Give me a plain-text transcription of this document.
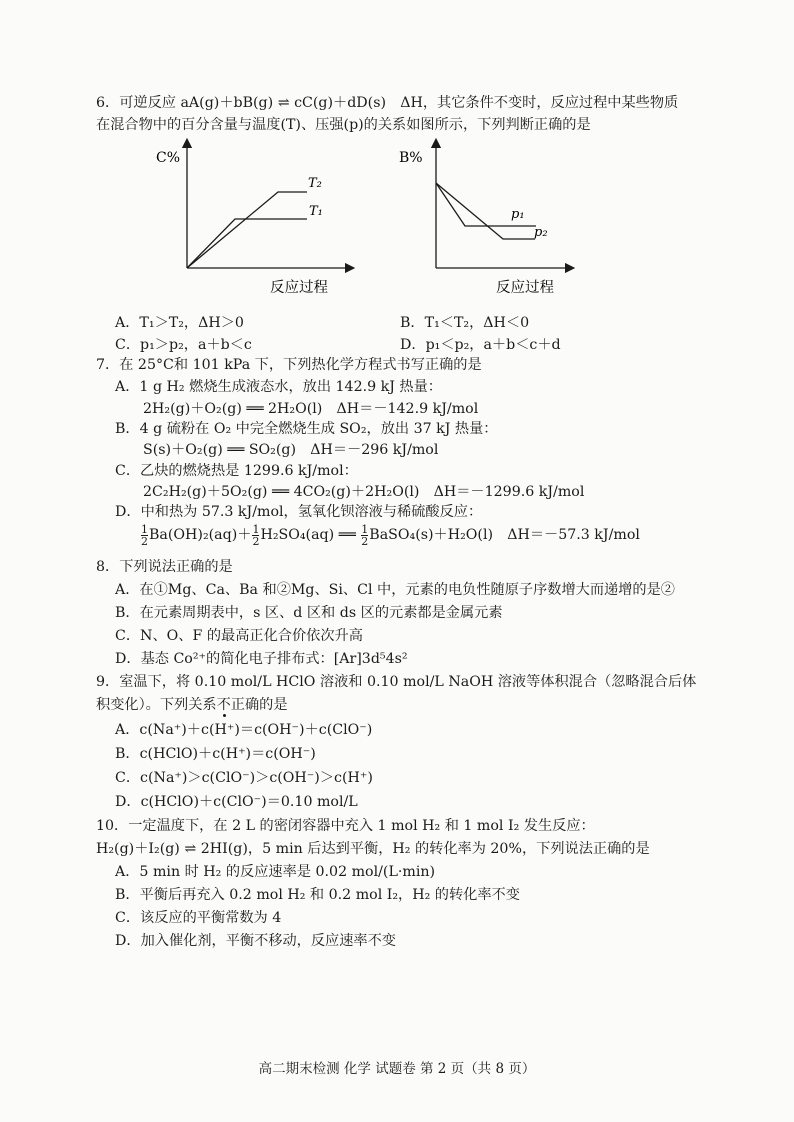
6．可逆反应 aA(g)＋bB(g) ⇌ cC(g)＋dD(s)　ΔH，其它条件不变时，反应过程中某些物质
在混合物中的百分含量与温度(T)、压强(p)的关系如图所示，下列判断正确的是
C%
T₂
T₁
反应过程
B%
p₁
p₂
反应过程
A．T₁＞T₂，ΔH＞0	B．T₁＜T₂，ΔH＜0
C．p₁＞p₂，a＋b＜c	D．p₁＜p₂，a＋b＜c＋d
7．在 25°C和 101 kPa 下，下列热化学方程式书写正确的是
A．1 g H₂ 燃烧生成液态水，放出 142.9 kJ 热量：
2H₂(g)＋O₂(g) ══ 2H₂O(l)　ΔH＝－142.9 kJ/mol
B．4 g 硫粉在 O₂ 中完全燃烧生成 SO₂，放出 37 kJ 热量：
S(s)＋O₂(g) ══ SO₂(g)　ΔH＝－296 kJ/mol
C．乙炔的燃烧热是 1299.6 kJ/mol：
2C₂H₂(g)＋5O₂(g) ══ 4CO₂(g)＋2H₂O(l)　ΔH＝－1299.6 kJ/mol
D．中和热为 57.3 kJ/mol，氢氧化钡溶液与稀硫酸反应：
$\frac{1}{2} Ba(OH)_2(aq)+ \frac{1}{2} H_2SO_4(aq)$ ══ $\frac{1}{2}$ BaSO₄(s)＋H₂O(l)　ΔH＝－57.3 kJ/mol
8．下列说法正确的是
A．在①Mg、Ca、Ba 和②Mg、Si、Cl 中，元素的电负性随原子序数增大而递增的是②
B．在元素周期表中，s 区、d 区和 ds 区的元素都是金属元素
C．N、O、F 的最高正化合价依次升高
D．基态 Co²⁺的简化电子排布式：[Ar]3d⁵4s²
9．室温下，将 0.10 mol/L HClO 溶液和 0.10 mol/L NaOH 溶液等体积混合（忽略混合后体
积变化）。下列关系不正确的是
A．c(Na⁺)＋c(H⁺)＝c(OH⁻)＋c(ClO⁻)
B．c(HClO)＋c(H⁺)＝c(OH⁻)
C．c(Na⁺)＞c(ClO⁻)＞c(OH⁻)＞c(H⁺)
D．c(HClO)＋c(ClO⁻)＝0.10 mol/L
10．一定温度下，在 2 L 的密闭容器中充入 1 mol H₂ 和 1 mol I₂ 发生反应：
H₂(g)＋I₂(g) ⇌ 2HI(g)，5 min 后达到平衡，H₂ 的转化率为 20%，下列说法正确的是
A．5 min 时 H₂ 的反应速率是 0.02 mol/(L·min)
B．平衡后再充入 0.2 mol H₂ 和 0.2 mol I₂，H₂ 的转化率不变
C．该反应的平衡常数为 4
D．加入催化剂，平衡不移动，反应速率不变
高二期末检测 化学 试题卷 第 2 页（共 8 页）
